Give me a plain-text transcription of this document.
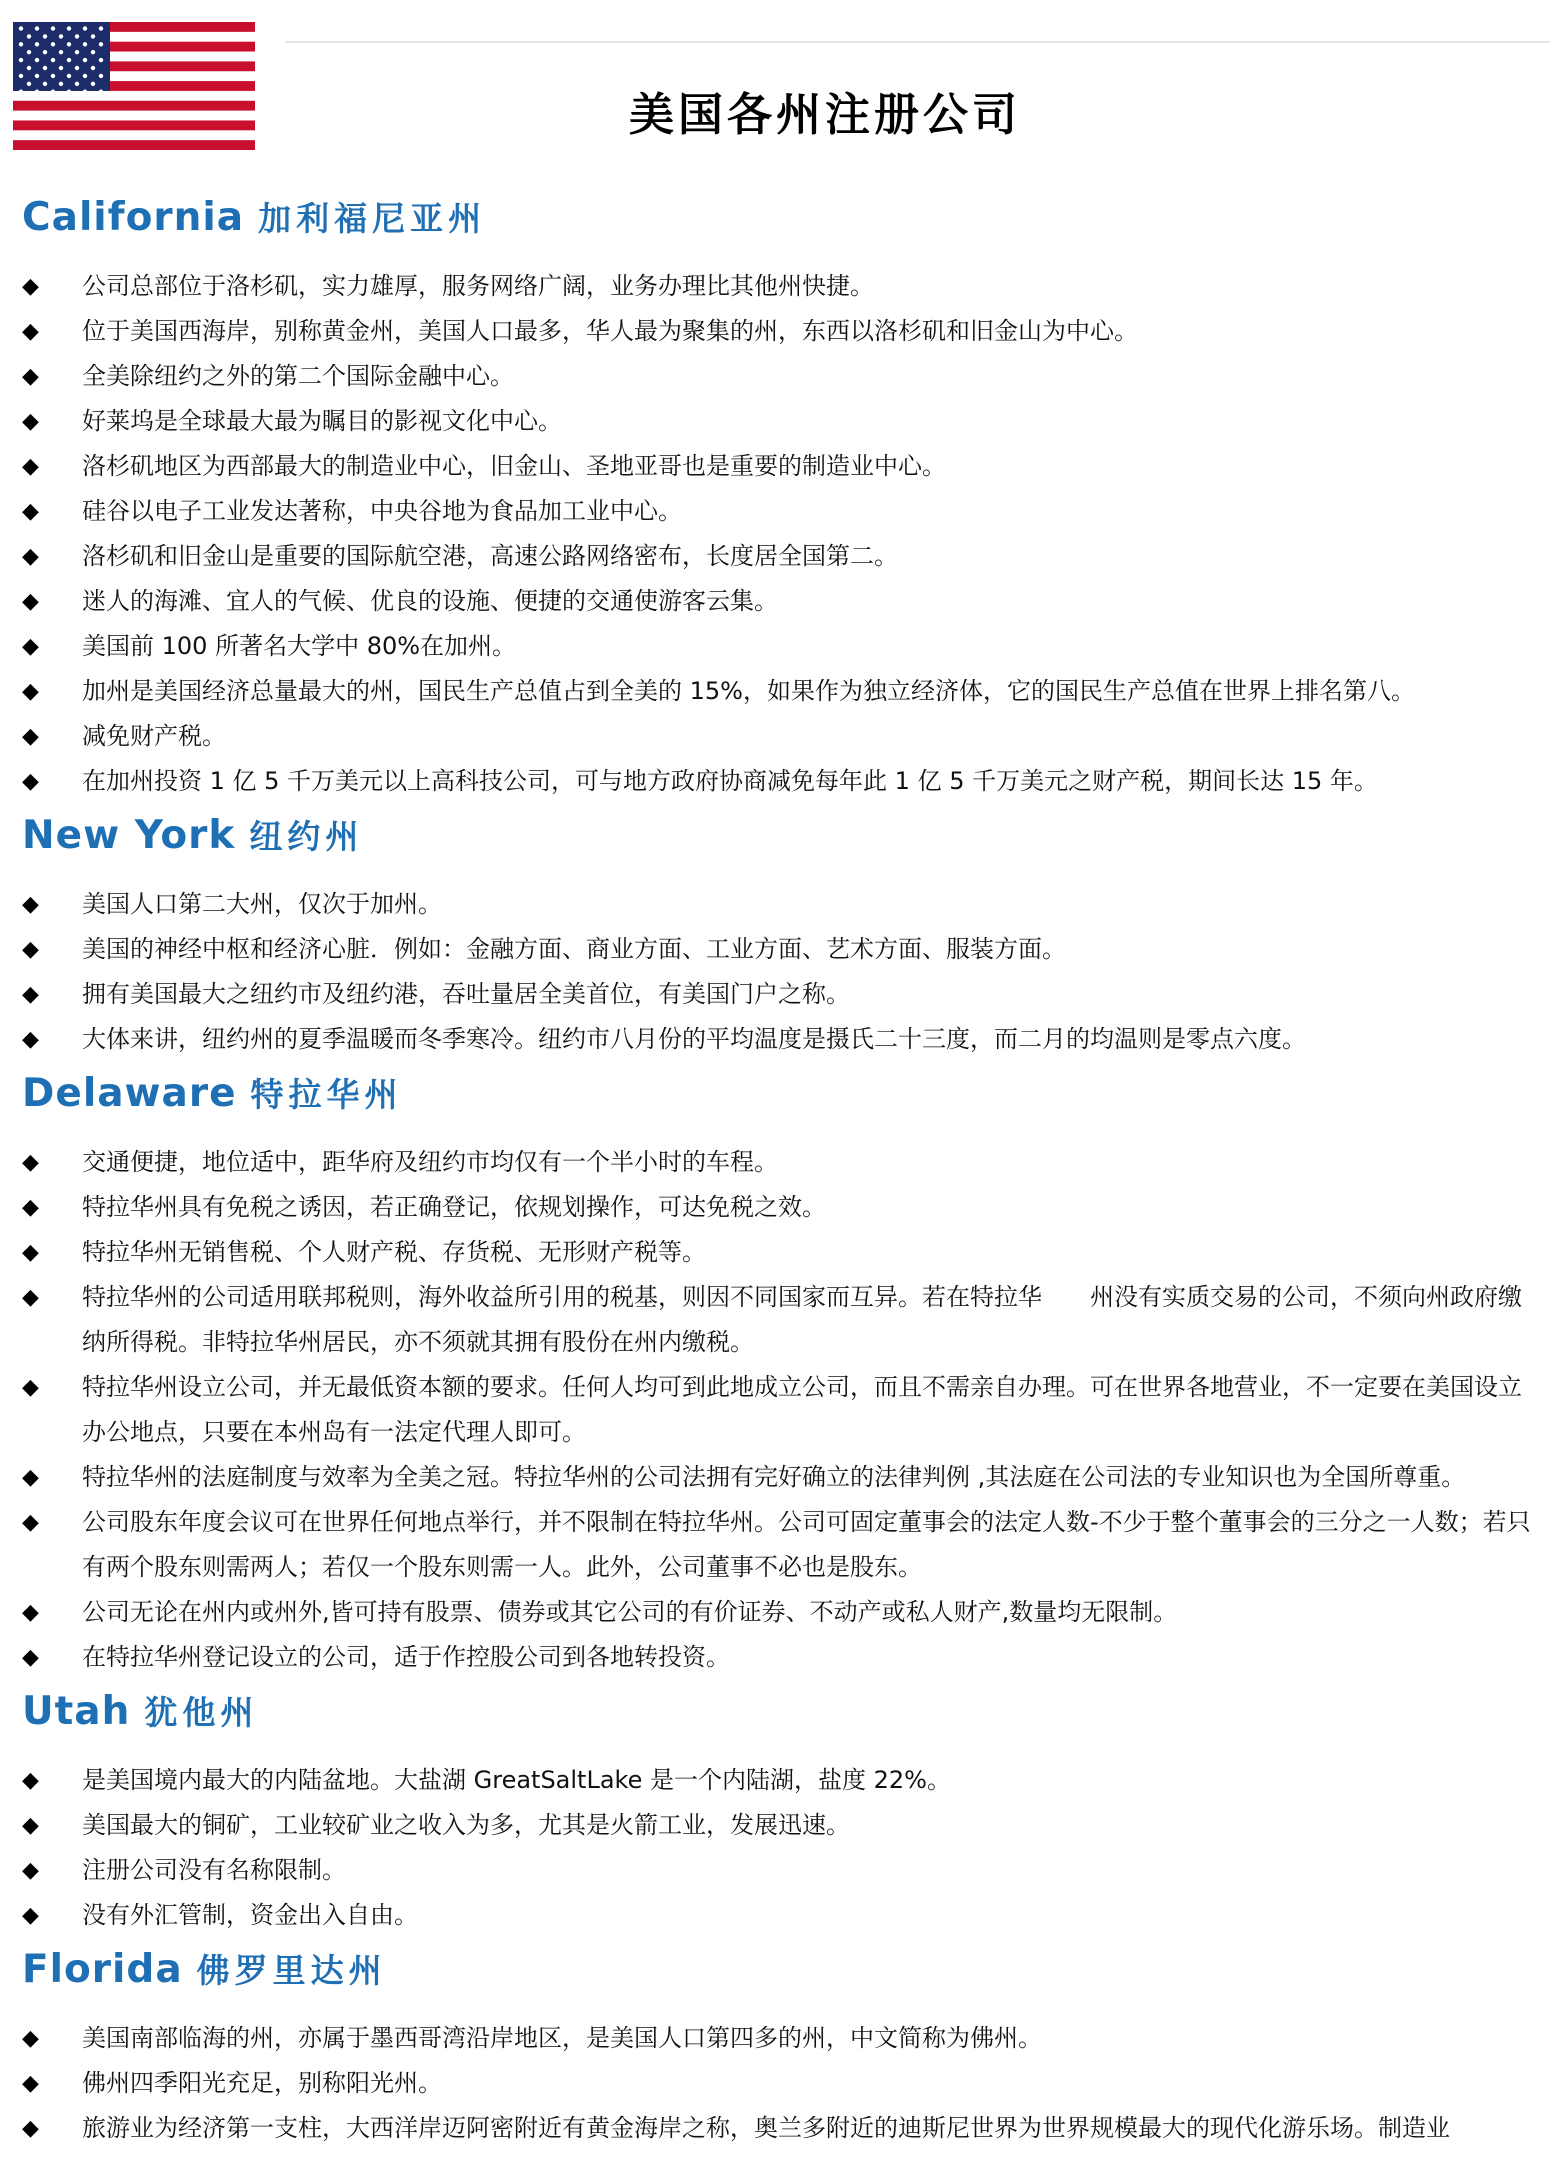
美国各州注册公司
California 加利福尼亚州
◆ 公司总部位于洛杉矶，实力雄厚，服务网络广阔，业务办理比其他州快捷。
◆ 位于美国西海岸，别称黄金州，美国人口最多，华人最为聚集的州，东西以洛杉矶和旧金山为中心。
◆ 全美除纽约之外的第二个国际金融中心。
◆ 好莱坞是全球最大最为瞩目的影视文化中心。
◆ 洛杉矶地区为西部最大的制造业中心，旧金山、圣地亚哥也是重要的制造业中心。
◆ 硅谷以电子工业发达著称，中央谷地为食品加工业中心。
◆ 洛杉矶和旧金山是重要的国际航空港，高速公路网络密布，长度居全国第二。
◆ 迷人的海滩、宜人的气候、优良的设施、便捷的交通使游客云集。
◆ 美国前 100 所著名大学中 80%在加州。
◆ 加州是美国经济总量最大的州，国民生产总值占到全美的 15%，如果作为独立经济体，它的国民生产总值在世界上排名第八。
◆ 减免财产税。
◆ 在加州投资 1 亿 5 千万美元以上高科技公司，可与地方政府协商减免每年此 1 亿 5 千万美元之财产税，期间长达 15 年。
New York 纽约州
◆ 美国人口第二大州，仅次于加州。
◆ 美国的神经中枢和经济心脏．例如：金融方面、商业方面、工业方面、艺术方面、服装方面。
◆ 拥有美国最大之纽约市及纽约港，吞吐量居全美首位，有美国门户之称。
◆ 大体来讲，纽约州的夏季温暖而冬季寒冷。纽约市八月份的平均温度是摄氏二十三度，而二月的均温则是零点六度。
Delaware 特拉华州
◆ 交通便捷，地位适中，距华府及纽约市均仅有一个半小时的车程。
◆ 特拉华州具有免税之诱因，若正确登记，依规划操作，可达免税之效。
◆ 特拉华州无销售税、个人财产税、存货税、无形财产税等。
◆ 特拉华州的公司适用联邦税则，海外收益所引用的税基，则因不同国家而互异。若在特拉华　　州没有实质交易的公司，不须向州政府缴纳所得税。非特拉华州居民，亦不须就其拥有股份在州内缴税。
◆ 特拉华州设立公司，并无最低资本额的要求。任何人均可到此地成立公司，而且不需亲自办理。可在世界各地营业，不一定要在美国设立办公地点，只要在本州岛有一法定代理人即可。
◆ 特拉华州的法庭制度与效率为全美之冠。特拉华州的公司法拥有完好确立的法律判例 ,其法庭在公司法的专业知识也为全国所尊重。
◆ 公司股东年度会议可在世界任何地点举行，并不限制在特拉华州。公司可固定董事会的法定人数-不少于整个董事会的三分之一人数；若只有两个股东则需两人；若仅一个股东则需一人。此外，公司董事不必也是股东。
◆ 公司无论在州内或州外,皆可持有股票、债券或其它公司的有价证券、不动产或私人财产,数量均无限制。
◆ 在特拉华州登记设立的公司，适于作控股公司到各地转投资。
Utah 犹他州
◆ 是美国境内最大的内陆盆地。大盐湖 GreatSaltLake 是一个内陆湖，盐度 22%。
◆ 美国最大的铜矿，工业较矿业之收入为多，尤其是火箭工业，发展迅速。
◆ 注册公司没有名称限制。
◆ 没有外汇管制，资金出入自由。
Florida 佛罗里达州
◆ 美国南部临海的州，亦属于墨西哥湾沿岸地区，是美国人口第四多的州，中文简称为佛州。
◆ 佛州四季阳光充足，别称阳光州。
◆ 旅游业为经济第一支柱，大西洋岸迈阿密附近有黄金海岸之称，奥兰多附近的迪斯尼世界为世界规模最大的现代化游乐场。制造业
